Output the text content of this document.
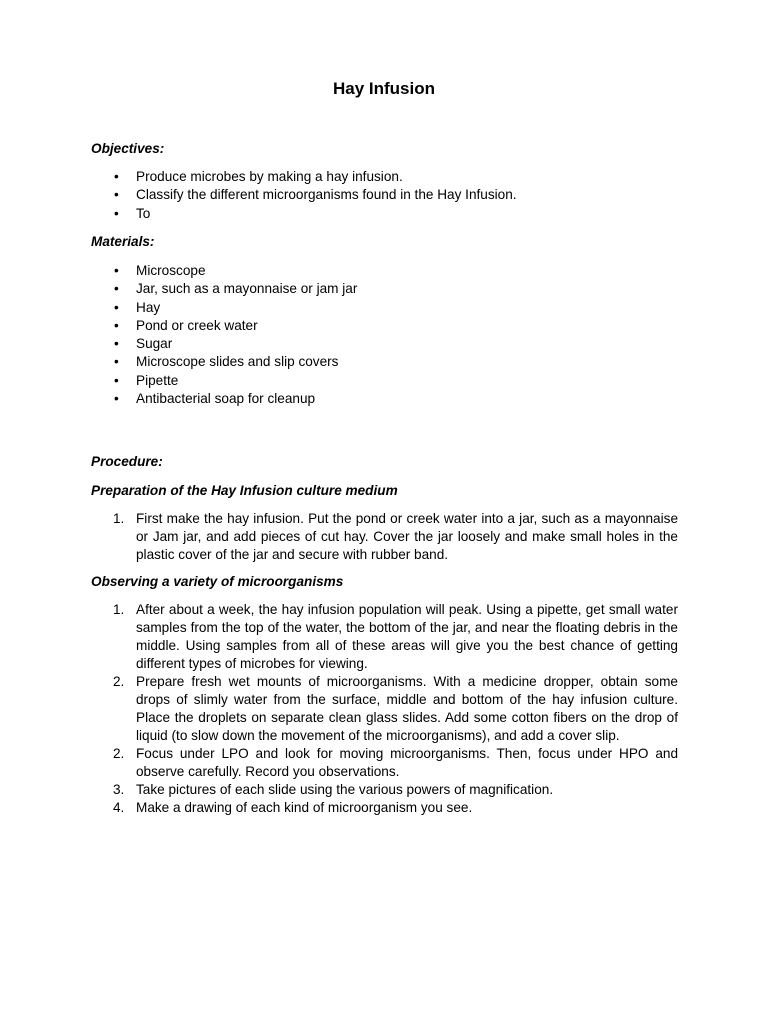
Hay Infusion
Objectives:
• Produce microbes by making a hay infusion.
• Classify the different microorganisms found in the Hay Infusion.
• To
Materials:
• Microscope
• Jar, such as a mayonnaise or jam jar
• Hay
• Pond or creek water
• Sugar
• Microscope slides and slip covers
• Pipette
• Antibacterial soap for cleanup
Procedure:
Preparation of the Hay Infusion culture medium
1. First make the hay infusion. Put the pond or creek water into a jar, such as a mayonnaise or Jam jar, and add pieces of cut hay. Cover the jar loosely and make small holes in the plastic cover of the jar and secure with rubber band.
Observing a variety of microorganisms
1. After about a week, the hay infusion population will peak. Using a pipette, get small water samples from the top of the water, the bottom of the jar, and near the floating debris in the middle. Using samples from all of these areas will give you the best chance of getting different types of microbes for viewing.
2. Prepare fresh wet mounts of microorganisms. With a medicine dropper, obtain some drops of slimly water from the surface, middle and bottom of the hay infusion culture. Place the droplets on separate clean glass slides. Add some cotton fibers on the drop of liquid (to slow down the movement of the microorganisms), and add a cover slip.
2. Focus under LPO and look for moving microorganisms. Then, focus under HPO and observe carefully. Record you observations.
3. Take pictures of each slide using the various powers of magnification.
4. Make a drawing of each kind of microorganism you see.
